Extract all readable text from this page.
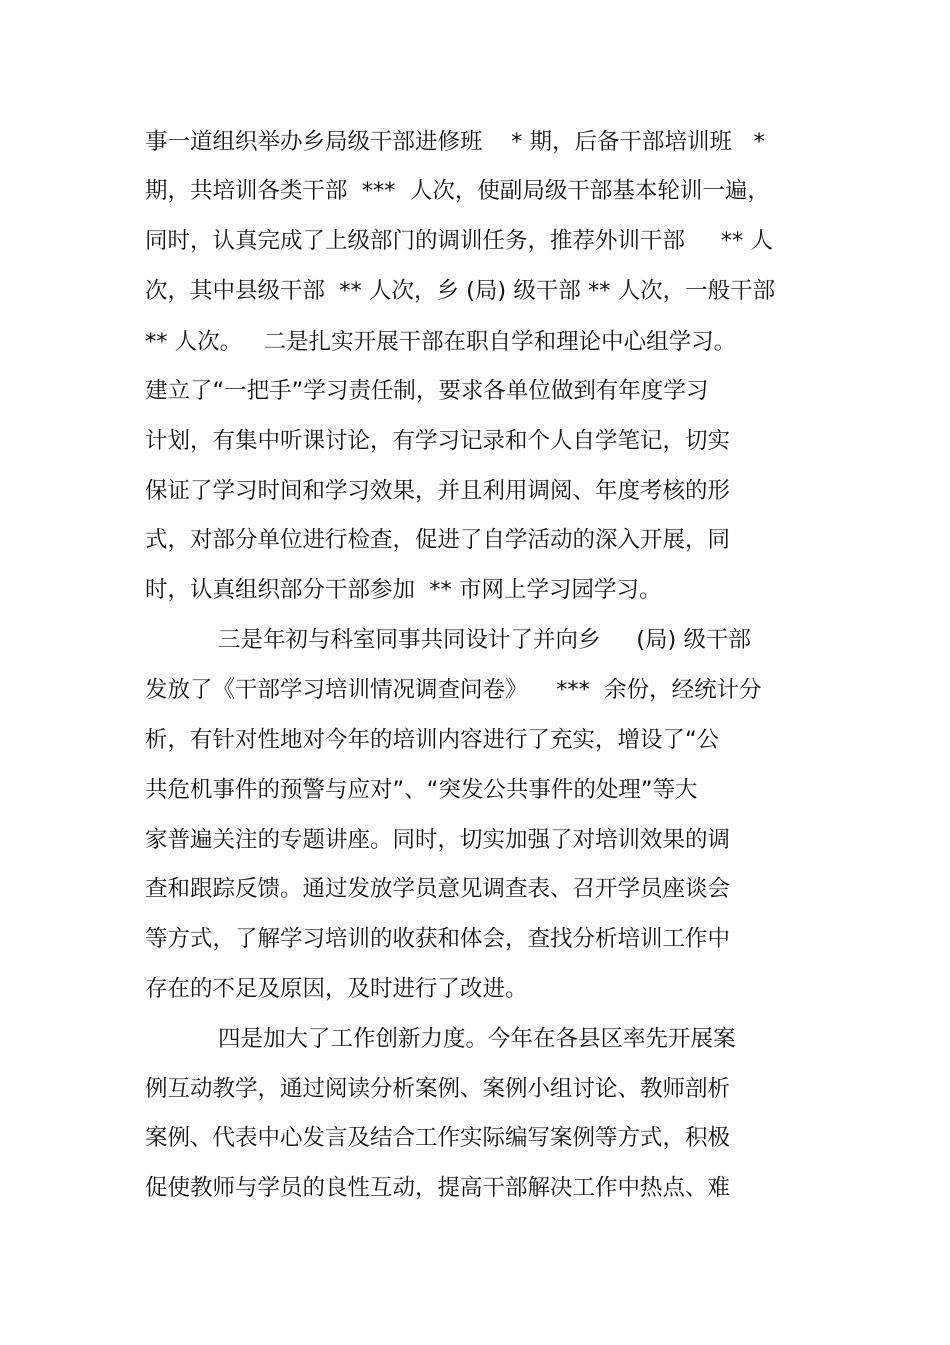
事一道组织举办乡局级干部进修班    * 期，后备干部培训班   *
期，共培训各类干部  ***  人次，使副局级干部基本轮训一遍，
同时，认真完成了上级部门的调训任务，推荐外训干部     ** 人
次，其中县级干部  ** 人次，乡 (局) 级干部 ** 人次，一般干部
** 人次。   二是扎实开展干部在职自学和理论中心组学习。
建立了“一把手”学习责任制，要求各单位做到有年度学习
计划，有集中听课讨论，有学习记录和个人自学笔记，切实
保证了学习时间和学习效果，并且利用调阅、年度考核的形
式，对部分单位进行检查，促进了自学活动的深入开展，同
时，认真组织部分干部参加  ** 市网上学习园学习。
三是年初与科室同事共同设计了并向乡     (局) 级干部
发放了《干部学习培训情况调查问卷》    ***  余份，经统计分
析，有针对性地对今年的培训内容进行了充实，增设了“公
共危机事件的预警与应对”、“突发公共事件的处理”等大
家普遍关注的专题讲座。同时，切实加强了对培训效果的调
查和跟踪反馈。通过发放学员意见调查表、召开学员座谈会
等方式，了解学习培训的收获和体会，查找分析培训工作中
存在的不足及原因，及时进行了改进。
四是加大了工作创新力度。今年在各县区率先开展案
例互动教学，通过阅读分析案例、案例小组讨论、教师剖析
案例、代表中心发言及结合工作实际编写案例等方式，积极
促使教师与学员的良性互动，提高干部解决工作中热点、难
